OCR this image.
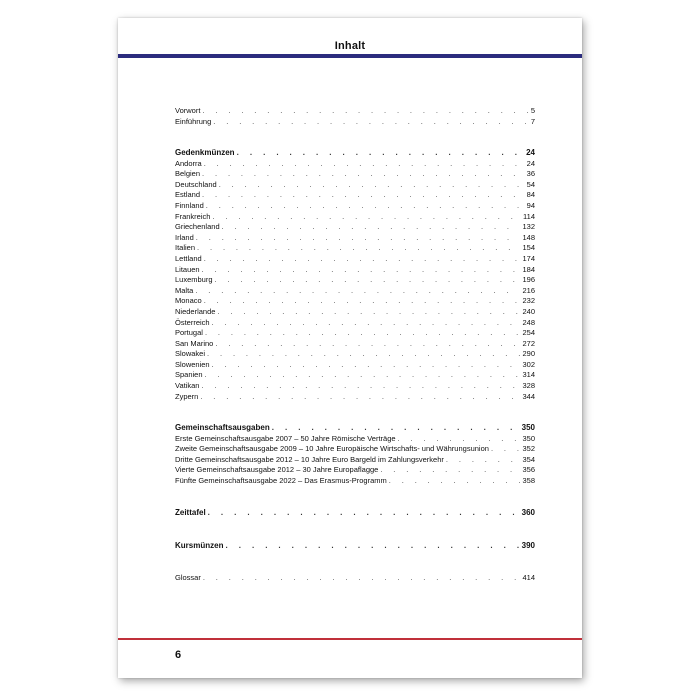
Inhalt
Vorwort . . .	5
Einführung . . .	7
Gedenkmünzen . . .	24
Andorra . . .	24
Belgien . . .	36
Deutschland . . .	54
Estland . . .	84
Finnland . . .	94
Frankreich . . .	114
Griechenland . . .	132
Irland . . .	148
Italien . . .	154
Lettland . . .	174
Litauen . . .	184
Luxemburg . . .	196
Malta . . .	216
Monaco . . .	232
Niederlande . . .	240
Österreich . . .	248
Portugal . . .	254
San Marino . . .	272
Slowakei . . .	290
Slowenien . . .	302
Spanien . . .	314
Vatikan . . .	328
Zypern . . .	344
Gemeinschaftsausgaben . . .	350
Erste Gemeinschaftsausgabe 2007 – 50 Jahre Römische Verträge . . .	350
Zweite Gemeinschaftsausgabe 2009 – 10 Jahre Europäische Wirtschafts- und Währungsunion . . .	352
Dritte Gemeinschaftsausgabe 2012 – 10 Jahre Euro Bargeld im Zahlungsverkehr . . .	354
Vierte Gemeinschaftsausgabe 2012 – 30 Jahre Europaflagge . . .	356
Fünfte Gemeinschaftsausgabe 2022 – Das Erasmus-Programm . . .	358
Zeittafel . . .	360
Kursmünzen . . .	390
Glossar . . .	414
6
